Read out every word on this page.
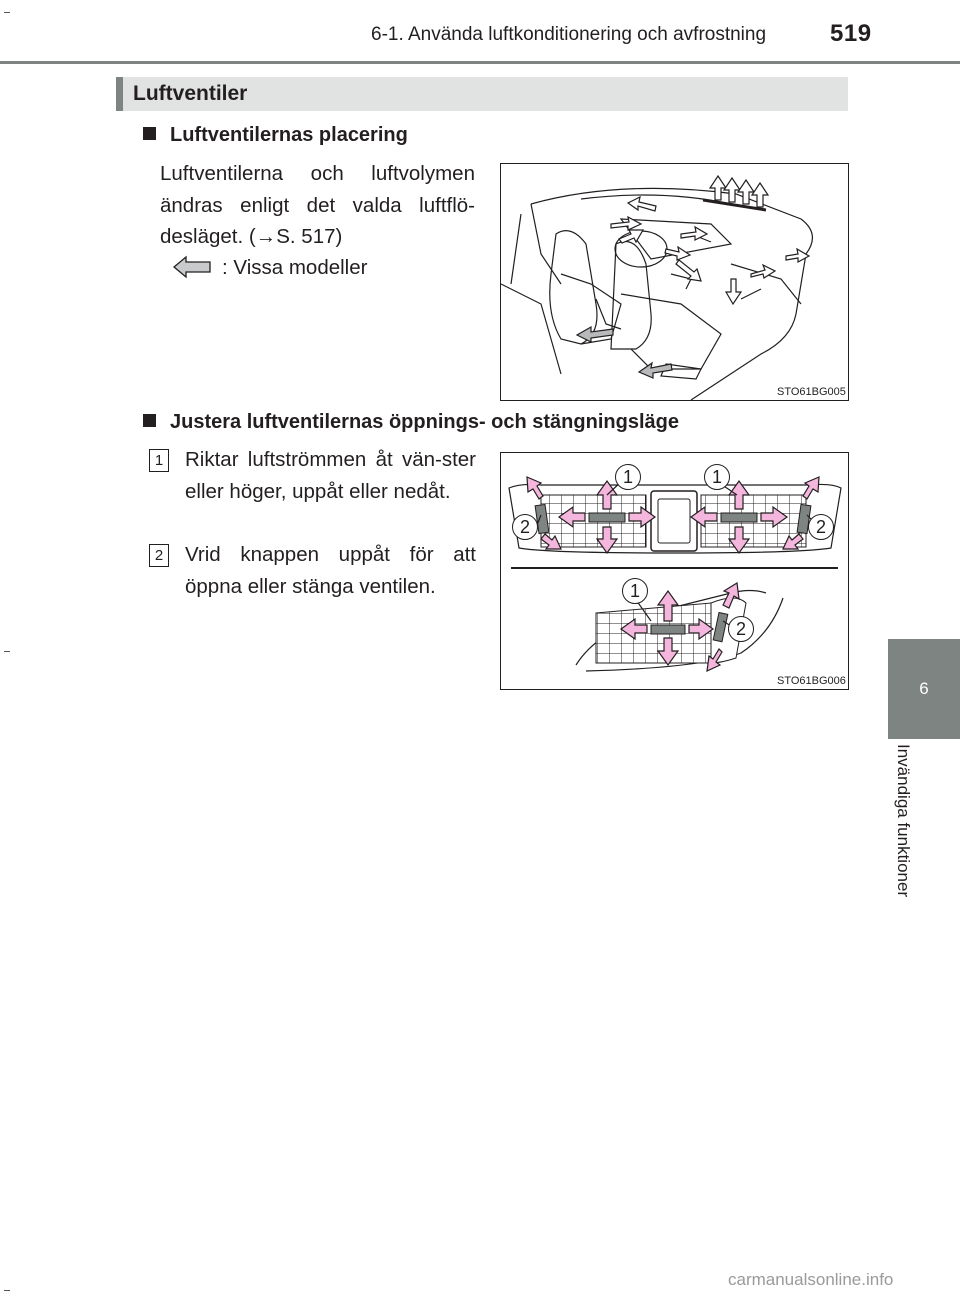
6-1. Använda luftkonditionering och avfrostning	519
6
Invändiga funktioner
Luftventiler
Luftventilernas placering
Luftventilerna och luftvolymen ändras enligt det valda luftflö-desläget. (→S. 517)
: Vissa modeller
STO61BG005
Justera luftventilernas öppnings- och stängningsläge
1 Riktar luftströmmen åt vän-ster eller höger, uppåt eller nedåt.
2 Vrid knappen uppåt för att öppna eller stänga ventilen.
1	1
2	2
1
2
STO61BG006
carmanualsonline.info
